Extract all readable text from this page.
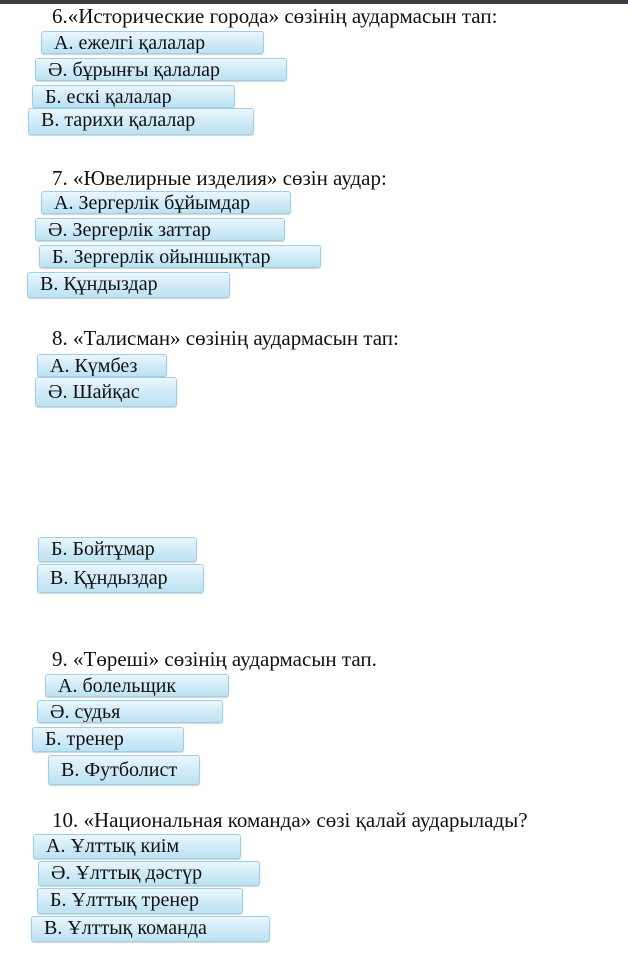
6.«Исторические города» сөзінің аудармасын тап:
А. ежелгі қалалар
Ә. бұрынғы қалалар
Б. ескі қалалар
В. тарихи қалалар
7. «Ювелирные изделия» сөзін аудар:
А. Зергерлік бұйымдар
Ә. Зергерлік заттар
Б. Зергерлік ойыншықтар
В. Құндыздар
8. «Талисман» сөзінің аудармасын тап:
А. Күмбез
Ә. Шайқас
Б. Бойтұмар
В. Құндыздар
9. «Төреші» сөзінің аудармасын тап.
А. болельщик
Ә. судья
Б. тренер
В. Футболист
10. «Национальная команда» сөзі қалай аударылады?
А. Ұлттық киім
Ә. Ұлттық дәстүр
Б. Ұлттық тренер
В. Ұлттық команда
